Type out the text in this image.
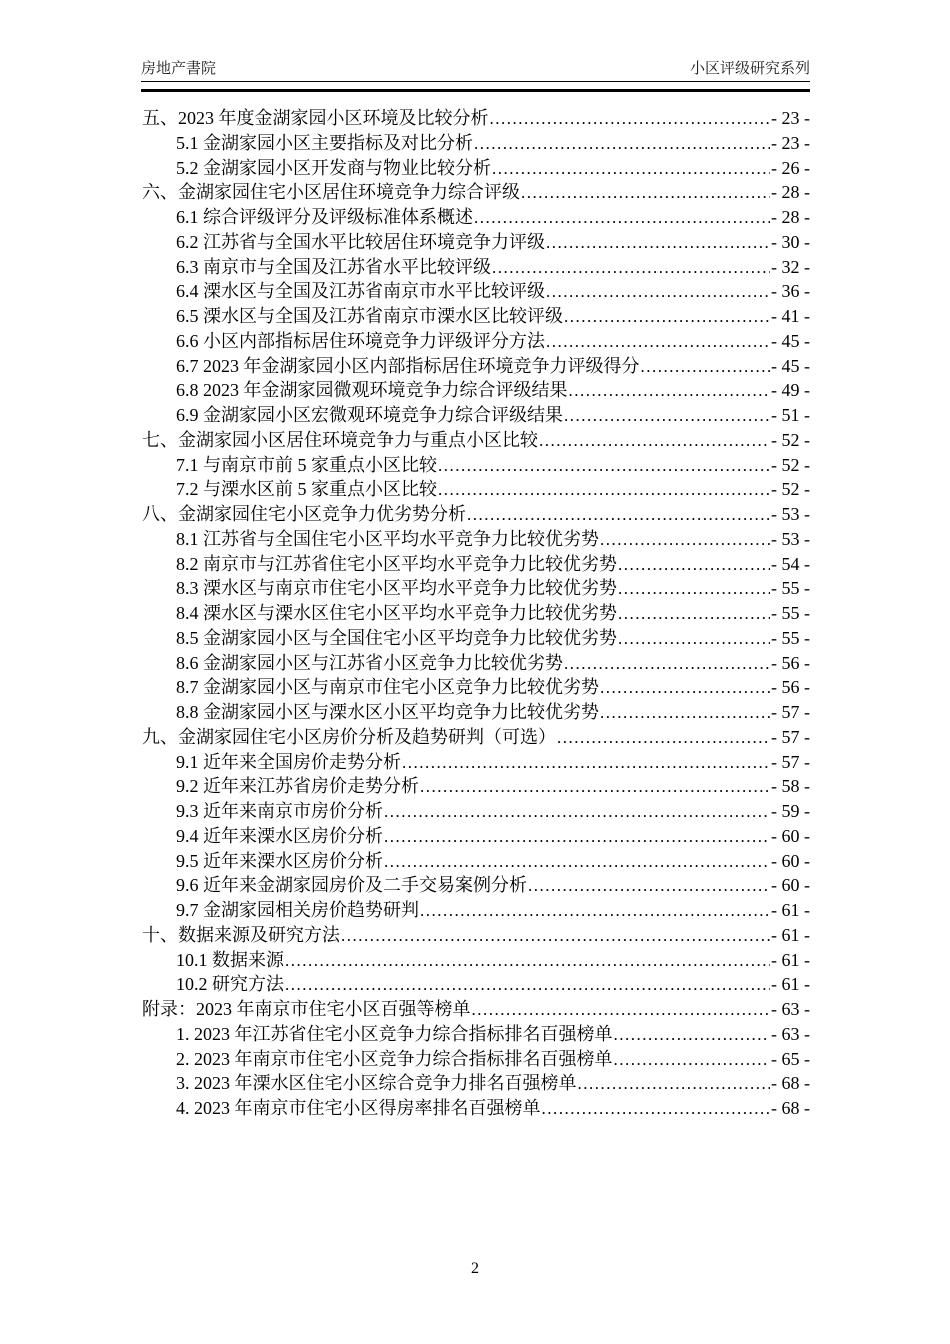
房地产書院	小区评级研究系列
五、2023 年度金湖家园小区环境及比较分析 .....	- 23 -
5.1 金湖家园小区主要指标及对比分析 .....	- 23 -
5.2 金湖家园小区开发商与物业比较分析 .....	- 26 -
六、金湖家园住宅小区居住环境竞争力综合评级 .....	- 28 -
6.1 综合评级评分及评级标准体系概述 .....	- 28 -
6.2 江苏省与全国水平比较居住环境竞争力评级 .....	- 30 -
6.3 南京市与全国及江苏省水平比较评级 .....	- 32 -
6.4 溧水区与全国及江苏省南京市水平比较评级 .....	- 36 -
6.5 溧水区与全国及江苏省南京市溧水区比较评级 .....	- 41 -
6.6 小区内部指标居住环境竞争力评级评分方法 .....	- 45 -
6.7 2023 年金湖家园小区内部指标居住环境竞争力评级得分 .....	- 45 -
6.8 2023 年金湖家园微观环境竞争力综合评级结果 .....	- 49 -
6.9 金湖家园小区宏微观环境竞争力综合评级结果 .....	- 51 -
七、金湖家园小区居住环境竞争力与重点小区比较 .....	- 52 -
7.1 与南京市前 5 家重点小区比较 .....	- 52 -
7.2 与溧水区前 5 家重点小区比较 .....	- 52 -
八、金湖家园住宅小区竞争力优劣势分析 .....	- 53 -
8.1 江苏省与全国住宅小区平均水平竞争力比较优劣势 .....	- 53 -
8.2 南京市与江苏省住宅小区平均水平竞争力比较优劣势 .....	- 54 -
8.3 溧水区与南京市住宅小区平均水平竞争力比较优劣势 .....	- 55 -
8.4 溧水区与溧水区住宅小区平均水平竞争力比较优劣势 .....	- 55 -
8.5 金湖家园小区与全国住宅小区平均竞争力比较优劣势 .....	- 55 -
8.6 金湖家园小区与江苏省小区竞争力比较优劣势 .....	- 56 -
8.7 金湖家园小区与南京市住宅小区竞争力比较优劣势 .....	- 56 -
8.8 金湖家园小区与溧水区小区平均竞争力比较优劣势 .....	- 57 -
九、金湖家园住宅小区房价分析及趋势研判（可选） .....	- 57 -
9.1 近年来全国房价走势分析 .....	- 57 -
9.2 近年来江苏省房价走势分析 .....	- 58 -
9.3 近年来南京市房价分析 .....	- 59 -
9.4 近年来溧水区房价分析 .....	- 60 -
9.5 近年来溧水区房价分析 .....	- 60 -
9.6 近年来金湖家园房价及二手交易案例分析 .....	- 60 -
9.7 金湖家园相关房价趋势研判 .....	- 61 -
十、数据来源及研究方法 .....	- 61 -
10.1 数据来源 .....	- 61 -
10.2 研究方法 .....	- 61 -
附录：2023 年南京市住宅小区百强等榜单 .....	- 63 -
1. 2023 年江苏省住宅小区竞争力综合指标排名百强榜单 .....	- 63 -
2. 2023 年南京市住宅小区竞争力综合指标排名百强榜单 .....	- 65 -
3. 2023 年溧水区住宅小区综合竞争力排名百强榜单 .....	- 68 -
4. 2023 年南京市住宅小区得房率排名百强榜单 .....	- 68 -
2
